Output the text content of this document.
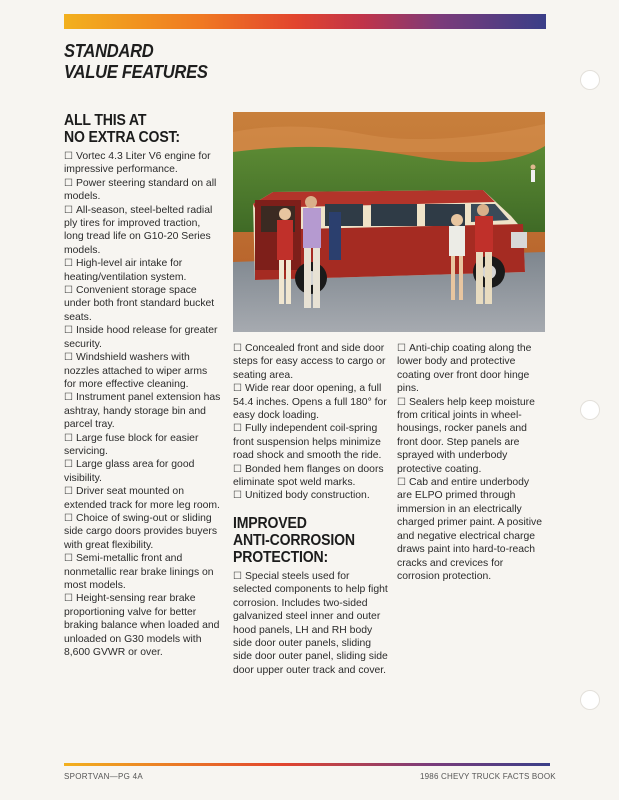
STANDARD
VALUE FEATURES
ALL THIS AT
NO EXTRA COST:
☐ Vortec 4.3 Liter V6 engine for impressive performance.
☐ Power steering standard on all models.
☐ All-season, steel-belted radial ply tires for improved traction, long tread life on G10-20 Series models.
☐ High-level air intake for heating/ventilation system.
☐ Convenient storage space under both front standard bucket seats.
☐ Inside hood release for greater security.
☐ Windshield washers with nozzles attached to wiper arms for more effective cleaning.
☐ Instrument panel extension has ashtray, handy storage bin and parcel tray.
☐ Large fuse block for easier servicing.
☐ Large glass area for good visibility.
☐ Driver seat mounted on extended track for more leg room.
☐ Choice of swing-out or sliding side cargo doors provides buyers with great flexibility.
☐ Semi-metallic front and nonmetallic rear brake linings on most models.
☐ Height-sensing rear brake proportioning valve for better braking balance when loaded and unloaded on G30 models with 8,600 GVWR or over.
☐ Concealed front and side door steps for easy access to cargo or seating area.
☐ Wide rear door opening, a full 54.4 inches. Opens a full 180° for easy dock loading.
☐ Fully independent coil-spring front suspension helps minimize road shock and smooth the ride.
☐ Bonded hem flanges on doors eliminate spot weld marks.
☐ Unitized body construction.
IMPROVED
ANTI-CORROSION
PROTECTION:
☐ Special steels used for selected components to help fight corrosion. Includes two-sided galvanized steel inner and outer hood panels, LH and RH body side door outer panels, sliding side door outer panel, sliding side door upper outer track and cover.
☐ Anti-chip coating along the lower body and protective coating over front door hinge pins.
☐ Sealers help keep moisture from critical joints in wheel-housings, rocker panels and front door. Step panels are sprayed with underbody protective coating.
☐ Cab and entire underbody are ELPO primed through immersion in an electrically charged primer paint. A positive and negative electrical charge draws paint into hard-to-reach cracks and crevices for corrosion protection.
SPORTVAN—PG 4A	1986 CHEVY TRUCK FACTS BOOK
